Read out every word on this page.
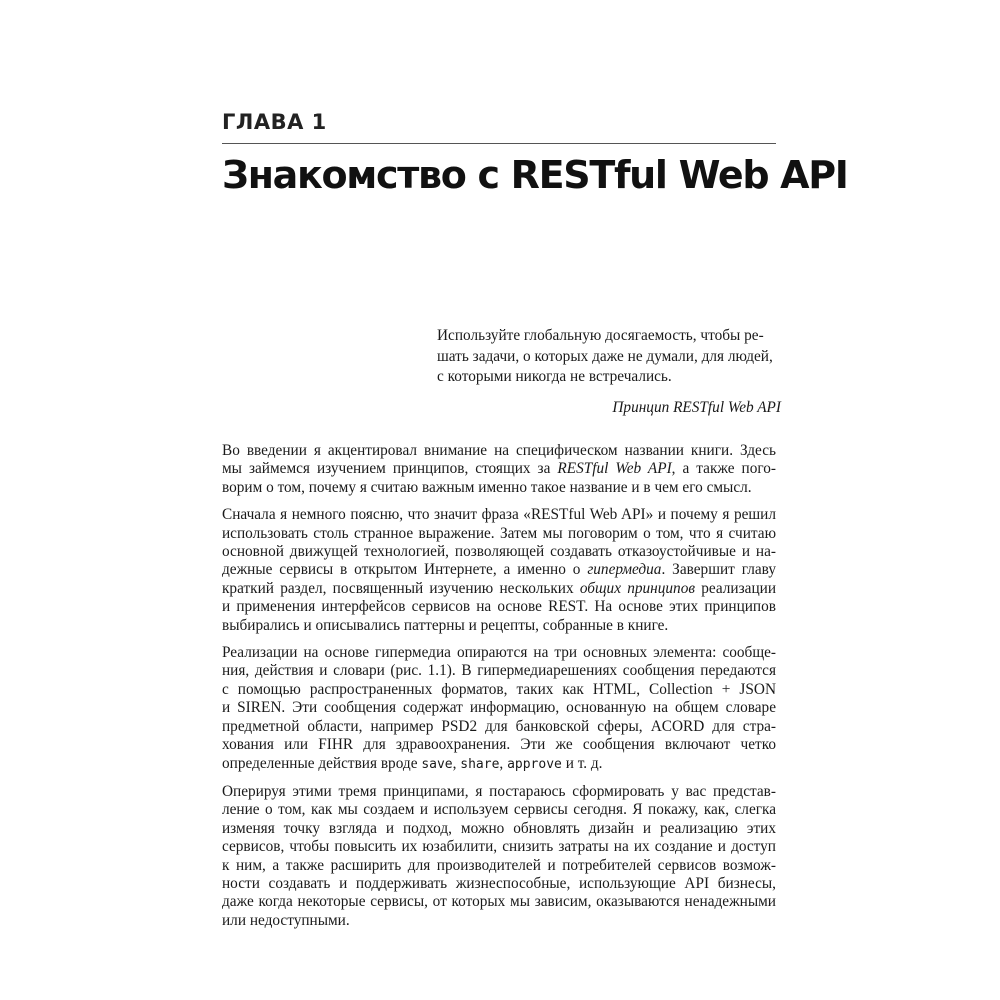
ГЛАВА 1
Знакомство с RESTful Web API

Используйте глобальную досягаемость, чтобы ре-
шать задачи, о которых даже не думали, для людей,
с которыми никогда не встречались.

Принцип RESTful Web API

Во введении я акцентировал внимание на специфическом названии книги. Здесь
мы займемся изучением принципов, стоящих за RESTful Web API, а также пого-
ворим о том, почему я считаю важным именно такое название и в чем его смысл.

Сначала я немного поясню, что значит фраза «RESTful Web API» и почему я решил
использовать столь странное выражение. Затем мы поговорим о том, что я считаю
основной движущей технологией, позволяющей создавать отказоустойчивые и на-
дежные сервисы в открытом Интернете, а именно о гипермедиа. Завершит главу
краткий раздел, посвященный изучению нескольких общих принципов реализации
и применения интерфейсов сервисов на основе REST. На основе этих принципов
выбирались и описывались паттерны и рецепты, собранные в книге.

Реализации на основе гипермедиа опираются на три основных элемента: сообще-
ния, действия и словари (рис. 1.1). В гипермедиарешениях сообщения передаются
с помощью распространенных форматов, таких как HTML, Collection + JSON
и SIREN. Эти сообщения содержат информацию, основанную на общем словаре
предметной области, например PSD2 для банковской сферы, ACORD для стра-
хования или FIHR для здравоохранения. Эти же сообщения включают четко
определенные действия вроде save, share, approve и т. д.

Оперируя этими тремя принципами, я постараюсь сформировать у вас представ-
ление о том, как мы создаем и используем сервисы сегодня. Я покажу, как, слегка
изменяя точку взгляда и подход, можно обновлять дизайн и реализацию этих
сервисов, чтобы повысить их юзабилити, снизить затраты на их создание и доступ
к ним, а также расширить для производителей и потребителей сервисов возмож-
ности создавать и поддерживать жизнеспособные, использующие API бизнесы,
даже когда некоторые сервисы, от которых мы зависим, оказываются ненадежными
или недоступными.
